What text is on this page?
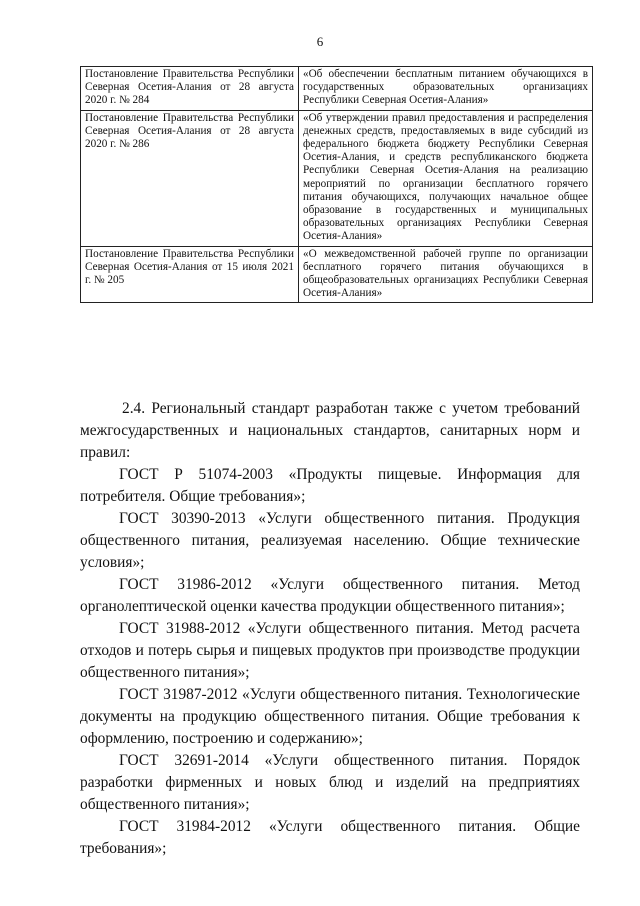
6
Постановление Правительства Республики Северная Осетия-Алания от 28 августа 2020 г. № 284	«Об обеспечении бесплатным питанием обучающихся в государственных образовательных организациях Республики Северная Осетия-Алания»
Постановление Правительства Республики Северная Осетия-Алания от 28 августа 2020 г. № 286	«Об утверждении правил предоставления и распределения денежных средств, предоставляемых в виде субсидий из федерального бюджета бюджету Республики Северная Осетия-Алания, и средств республиканского бюджета Республики Северная Осетия-Алания на реализацию мероприятий по организации бесплатного горячего питания обучающихся, получающих начальное общее образование в государственных и муниципальных образовательных организациях Республики Северная Осетия-Алания»
Постановление Правительства Республики Северная Осетия-Алания от 15 июля 2021 г. № 205	«О межведомственной рабочей группе по организации бесплатного горячего питания обучающихся в общеобразовательных организациях Республики Северная Осетия-Алания»

2.4. Региональный стандарт разработан также с учетом требований межгосударственных и национальных стандартов, санитарных норм и правил:

ГОСТ Р 51074-2003 «Продукты пищевые. Информация для потребителя. Общие требования»;

ГОСТ 30390-2013 «Услуги общественного питания. Продукция общественного питания, реализуемая населению. Общие технические условия»;

ГОСТ 31986-2012 «Услуги общественного питания. Метод органолептической оценки качества продукции общественного питания»;

ГОСТ 31988-2012 «Услуги общественного питания. Метод расчета отходов и потерь сырья и пищевых продуктов при производстве продукции общественного питания»;

ГОСТ 31987-2012 «Услуги общественного питания. Технологические документы на продукцию общественного питания. Общие требования к оформлению, построению и содержанию»;

ГОСТ 32691-2014 «Услуги общественного питания. Порядок разработки фирменных и новых блюд и изделий на предприятиях общественного питания»;

ГОСТ 31984-2012 «Услуги общественного питания. Общие требования»;
